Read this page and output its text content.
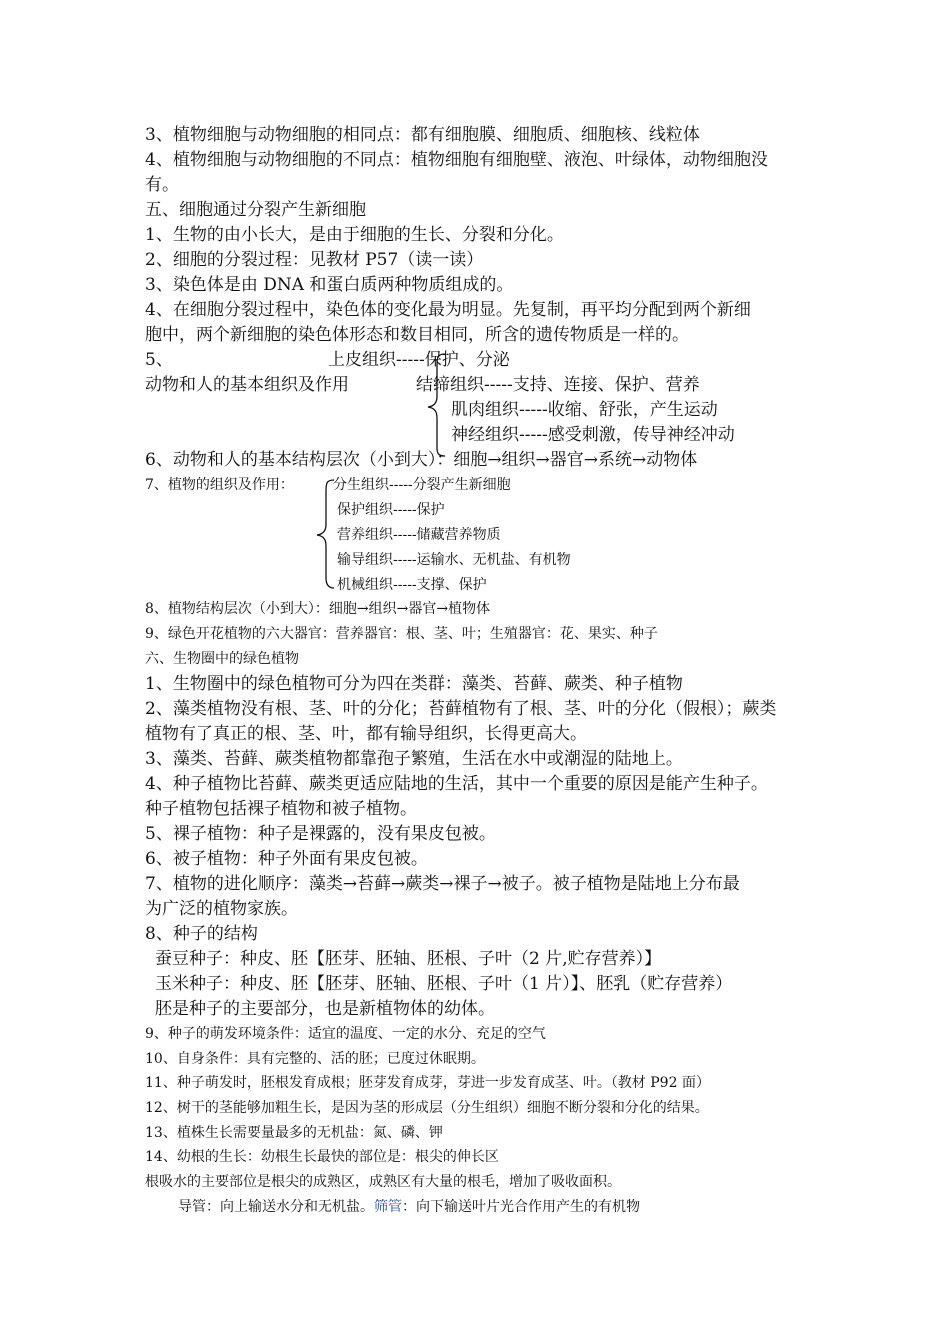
3、植物细胞与动物细胞的相同点：都有细胞膜、细胞质、细胞核、线粒体
4、植物细胞与动物细胞的不同点：植物细胞有细胞壁、液泡、叶绿体，动物细胞没
有。
五、细胞通过分裂产生新细胞
1、生物的由小长大，是由于细胞的生长、分裂和分化。
2、细胞的分裂过程：见教材 P57（读一读）
3、染色体是由 DNA 和蛋白质两种物质组成的。
4、在细胞分裂过程中，染色体的变化最为明显。先复制，再平均分配到两个新细
胞中，两个新细胞的染色体形态和数目相同，所含的遗传物质是一样的。
5、	上皮组织-----保护、分泌
动物和人的基本组织及作用	结缔组织-----支持、连接、保护、营养
肌肉组织-----收缩、舒张，产生运动
神经组织-----感受刺激，传导神经冲动
6、动物和人的基本结构层次（小到大）：细胞→组织→器官→系统→动物体
7、植物的组织及作用：	分生组织-----分裂产生新细胞
保护组织-----保护
营养组织-----储藏营养物质
输导组织-----运输水、无机盐、有机物
机械组织-----支撑、保护
8、植物结构层次（小到大）：细胞→组织→器官→植物体
9、绿色开花植物的六大器官：营养器官：根、茎、叶；生殖器官：花、果实、种子
六、生物圈中的绿色植物
1、生物圈中的绿色植物可分为四在类群：藻类、苔藓、蕨类、种子植物
2、藻类植物没有根、茎、叶的分化；苔藓植物有了根、茎、叶的分化（假根）；蕨类
植物有了真正的根、茎、叶，都有输导组织，长得更高大。
3、藻类、苔藓、蕨类植物都靠孢子繁殖，生活在水中或潮湿的陆地上。
4、种子植物比苔藓、蕨类更适应陆地的生活，其中一个重要的原因是能产生种子。
种子植物包括裸子植物和被子植物。
5、裸子植物：种子是裸露的，没有果皮包被。
6、被子植物：种子外面有果皮包被。
7、植物的进化顺序：藻类→苔藓→蕨类→裸子→被子。被子植物是陆地上分布最
为广泛的植物家族。
8、种子的结构
蚕豆种子：种皮、胚【胚芽、胚轴、胚根、子叶（2 片,贮存营养）】
玉米种子：种皮、胚【胚芽、胚轴、胚根、子叶（1 片）】、胚乳（贮存营养）
胚是种子的主要部分，也是新植物体的幼体。
9、种子的萌发环境条件：适宜的温度、一定的水分、充足的空气
10、自身条件：具有完整的、活的胚；已度过休眠期。
11、种子萌发时，胚根发育成根；胚芽发育成芽，芽进一步发育成茎、叶。（教材 P92 面）
12、树干的茎能够加粗生长，是因为茎的形成层（分生组织）细胞不断分裂和分化的结果。
13、植株生长需要量最多的无机盐：氮、磷、钾
14、幼根的生长：幼根生长最快的部位是：根尖的伸长区
根吸水的主要部位是根尖的成熟区，成熟区有大量的根毛，增加了吸收面积。
导管：向上输送水分和无机盐。筛管：向下输送叶片光合作用产生的有机物
